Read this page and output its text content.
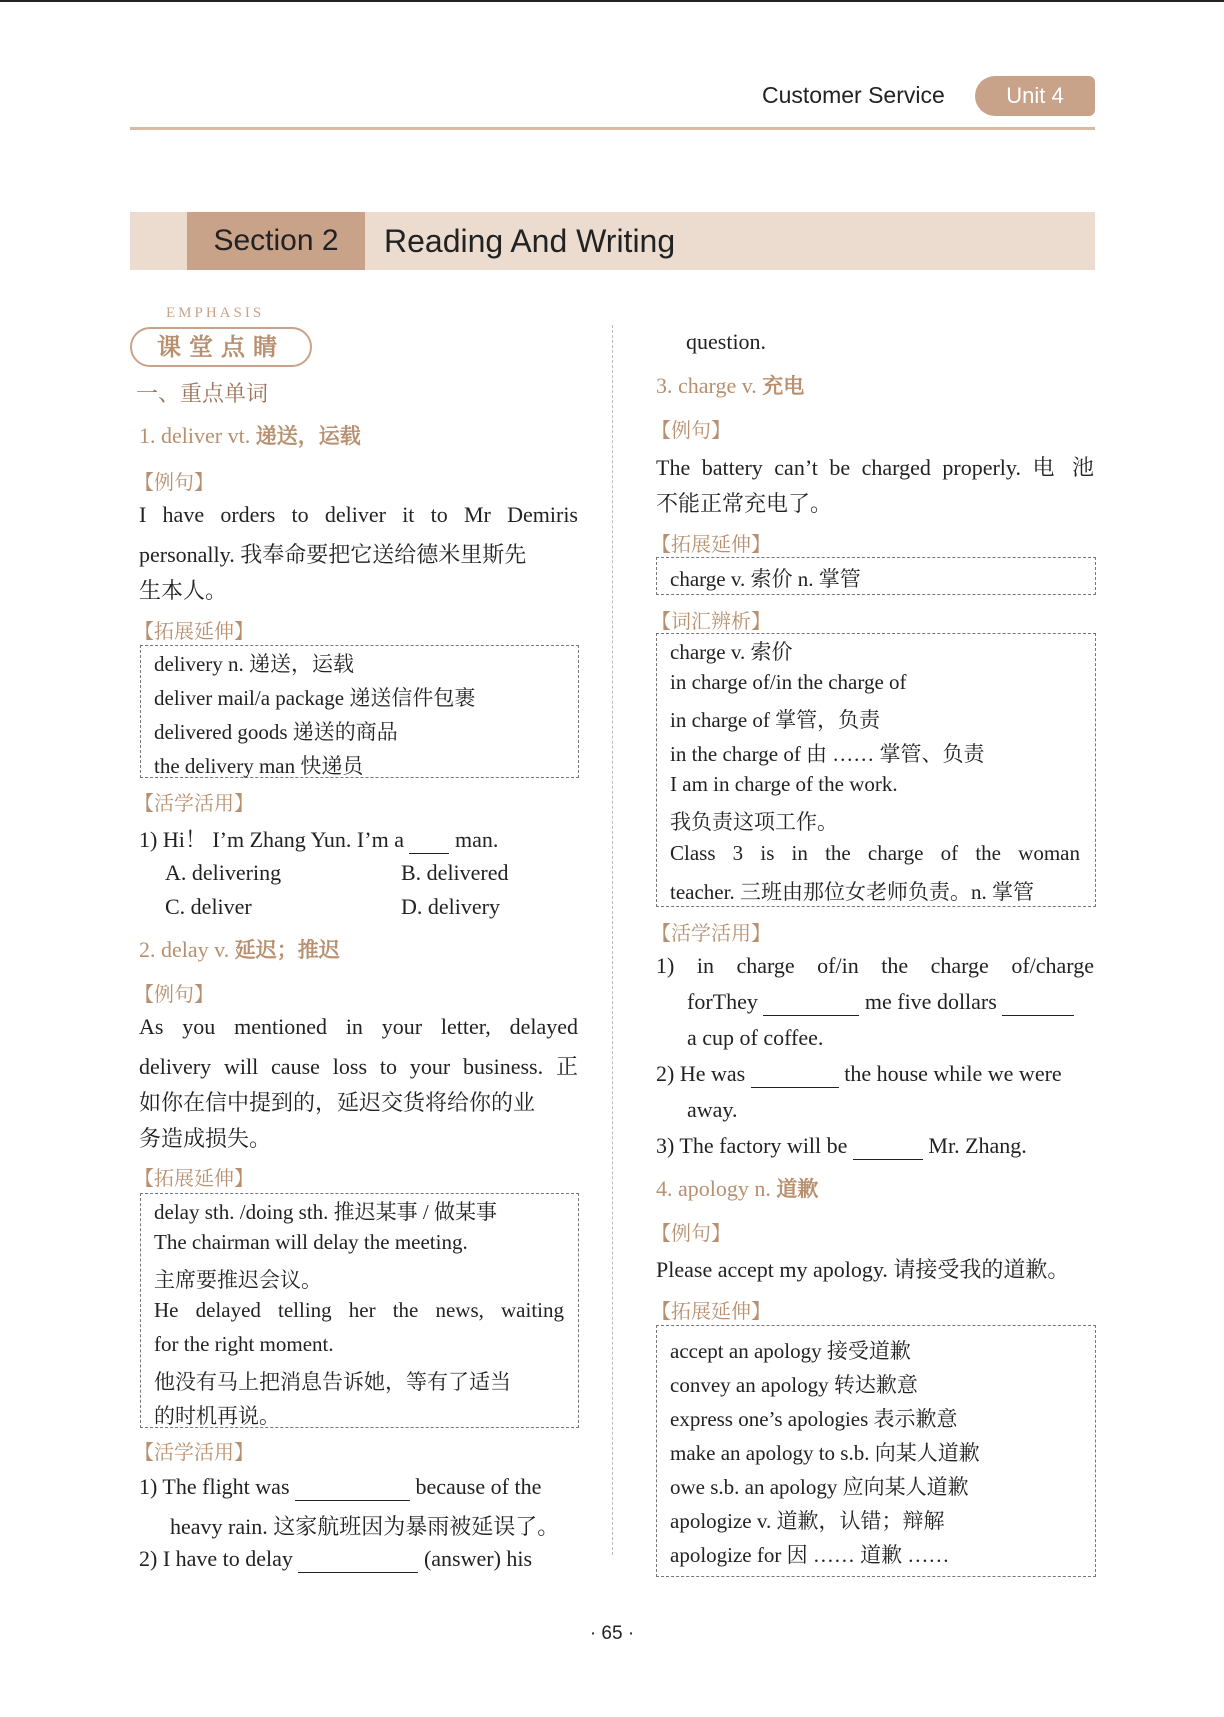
Customer Service	Unit 4
Section 2	Reading And Writing
EMPHASIS
课堂点睛
一、重点单词
1. deliver vt. 递送，运载
【例句】
I have orders to deliver it to Mr Demiris
personally. 我奉命要把它送给德米里斯先
生本人。
【拓展延伸】
delivery n. 递送，运载
deliver mail/a package 递送信件包裹
delivered goods 递送的商品
the delivery man 快递员
【活学活用】
1) Hi！ I’m Zhang Yun. I’m a   man.
A. delivering	B. delivered
C. deliver	D. delivery
2. delay v. 延迟；推迟
【例句】
As you mentioned in your letter, delayed
delivery will cause loss to your business. 正
如你在信中提到的，延迟交货将给你的业
务造成损失。
【拓展延伸】
delay sth. /doing sth. 推迟某事 / 做某事
The chairman will delay the meeting.
主席要推迟会议。
He delayed telling her the news, waiting
for the right moment.
他没有马上把消息告诉她，等有了适当
的时机再说。
【活学活用】
1) The flight was	because of the
heavy rain. 这家航班因为暴雨被延误了。
2) I have to delay	(answer) his
question.
3. charge v. 充电
【例句】
The battery can’t be charged properly. 电 池
不能正常充电了。
【拓展延伸】
charge v. 索价 n. 掌管
【词汇辨析】
charge v. 索价
in charge of/in the charge of
in charge of 掌管，负责
in the charge of 由 …… 掌管、负责
I am in charge of the work.
我负责这项工作。
Class 3 is in the charge of the woman
teacher. 三班由那位女老师负责。n. 掌管
【活学活用】
1) in charge of/in the charge of/charge
forThey	me five dollars
a cup of coffee.
2) He was	the house while we were
away.
3) The factory will be	Mr. Zhang.
4. apology n. 道歉
【例句】
Please accept my apology. 请接受我的道歉。
【拓展延伸】
accept an apology 接受道歉
convey an apology 转达歉意
express one’s apologies 表示歉意
make an apology to s.b. 向某人道歉
owe s.b. an apology 应向某人道歉
apologize v. 道歉，认错；辩解
apologize for 因 …… 道歉 ……
· 65 ·
